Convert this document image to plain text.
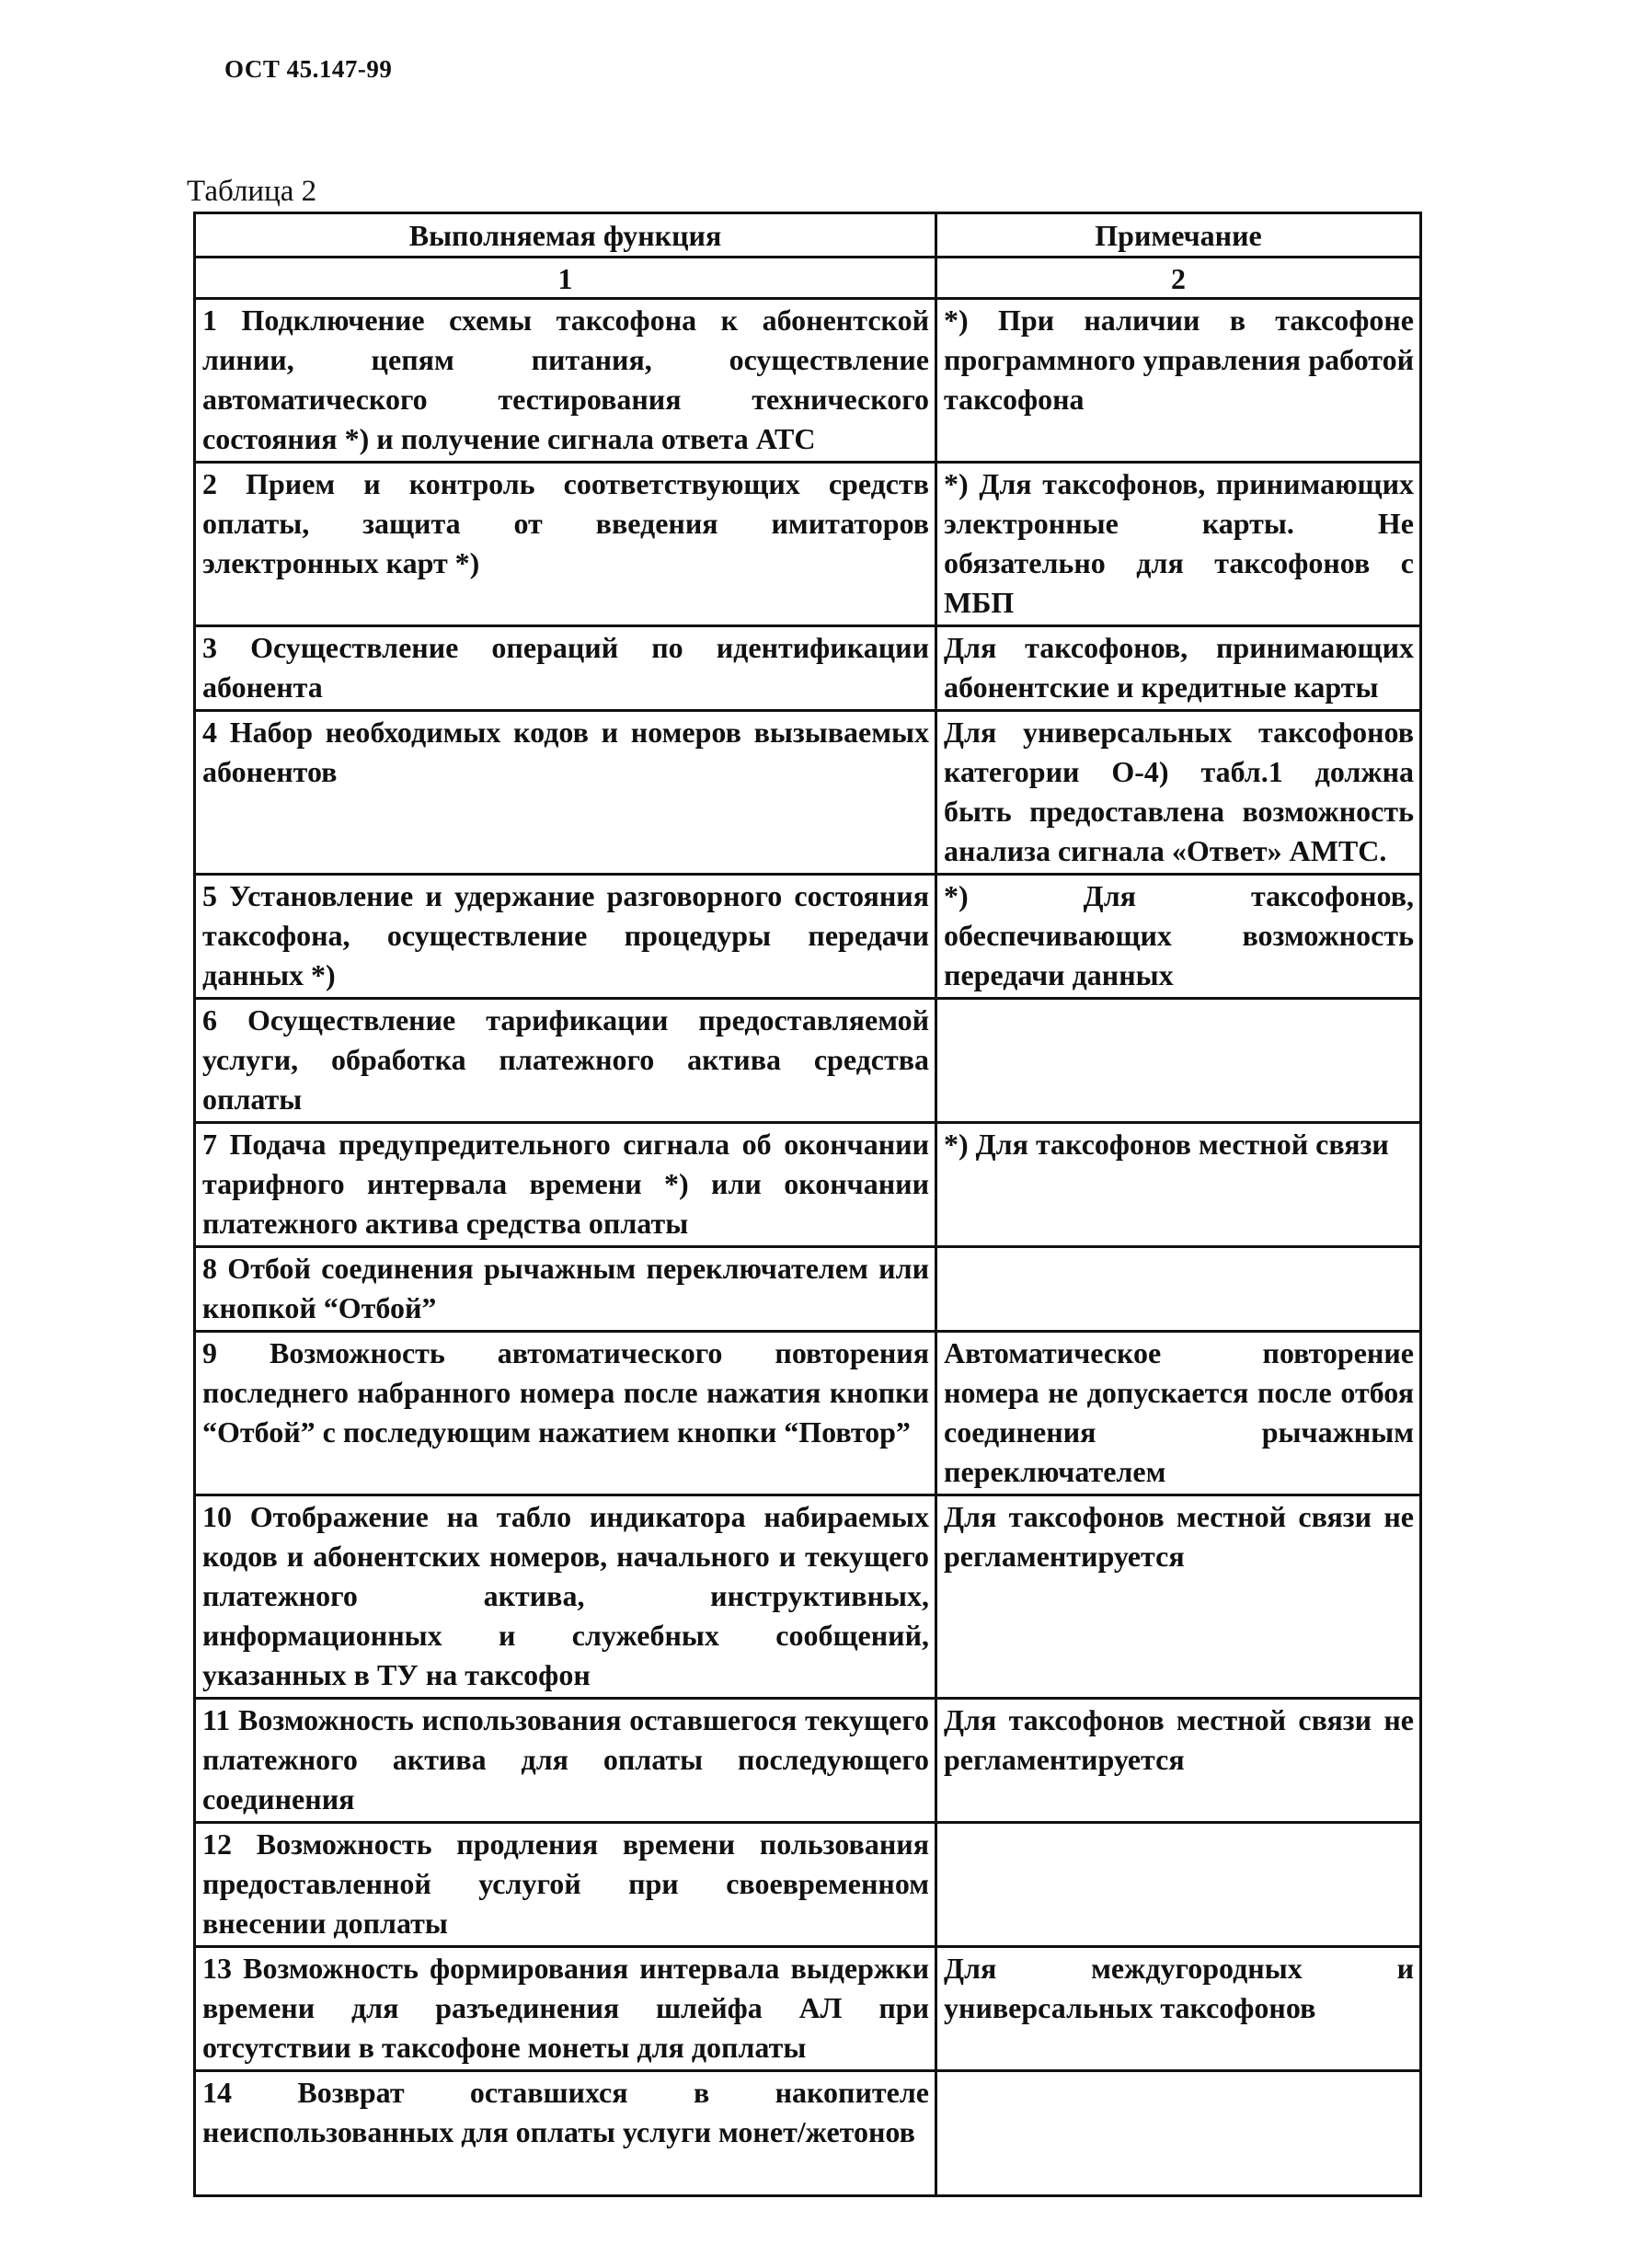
ОСТ 45.147-99
Таблица 2
Выполняемая функция	Примечание
1	2
1 Подключение схемы таксофона к абонентской линии, цепям питания, осуществление автоматического тестирования технического состояния *) и получение сигнала ответа АТС	*) При наличии в таксофоне программного управления работой таксофона
2 Прием и контроль соответствующих средств оплаты, защита от введения имитаторов электронных карт *)	*) Для таксофонов, принимающих электронные карты. Не обязательно для таксофонов с МБП
3 Осуществление операций по идентификации абонента	Для таксофонов, принимающих абонентские и кредитные карты
4 Набор необходимых кодов и номеров вызываемых абонентов	Для универсальных таксофонов категории О-4) табл.1 должна быть предоставлена возможность анализа сигнала «Ответ» АМТС.
5 Установление и удержание разговорного состояния таксофона, осуществление процедуры передачи данных *)	*) Для таксофонов, обеспечивающих возможность передачи данных
6 Осуществление тарификации предоставляемой услуги, обработка платежного актива средства оплаты	
7 Подача предупредительного сигнала об окончании тарифного интервала времени *) или окончании платежного актива средства оплаты	*) Для таксофонов местной связи
8 Отбой соединения рычажным переключателем или кнопкой “Отбой”	
9 Возможность автоматического повторения последнего набранного номера после нажатия кнопки “Отбой” с последующим нажатием кнопки “Повтор”	Автоматическое повторение номера не допускается после отбоя соединения рычажным переключателем
10 Отображение на табло индикатора набираемых кодов и абонентских номеров, начального и текущего платежного актива, инструктивных, информационных и служебных сообщений, указанных в ТУ на таксофон	Для таксофонов местной связи не регламентируется
11 Возможность использования оставшегося текущего платежного актива для оплаты последующего соединения	Для таксофонов местной связи не регламентируется
12 Возможность продления времени пользования предоставленной услугой при своевременном внесении доплаты	
13 Возможность формирования интервала выдержки времени для разъединения шлейфа АЛ при отсутствии в таксофоне монеты для доплаты	Для междугородных и универсальных таксофонов
14 Возврат оставшихся в накопителе неиспользованных для оплаты услуги монет/жетонов	
